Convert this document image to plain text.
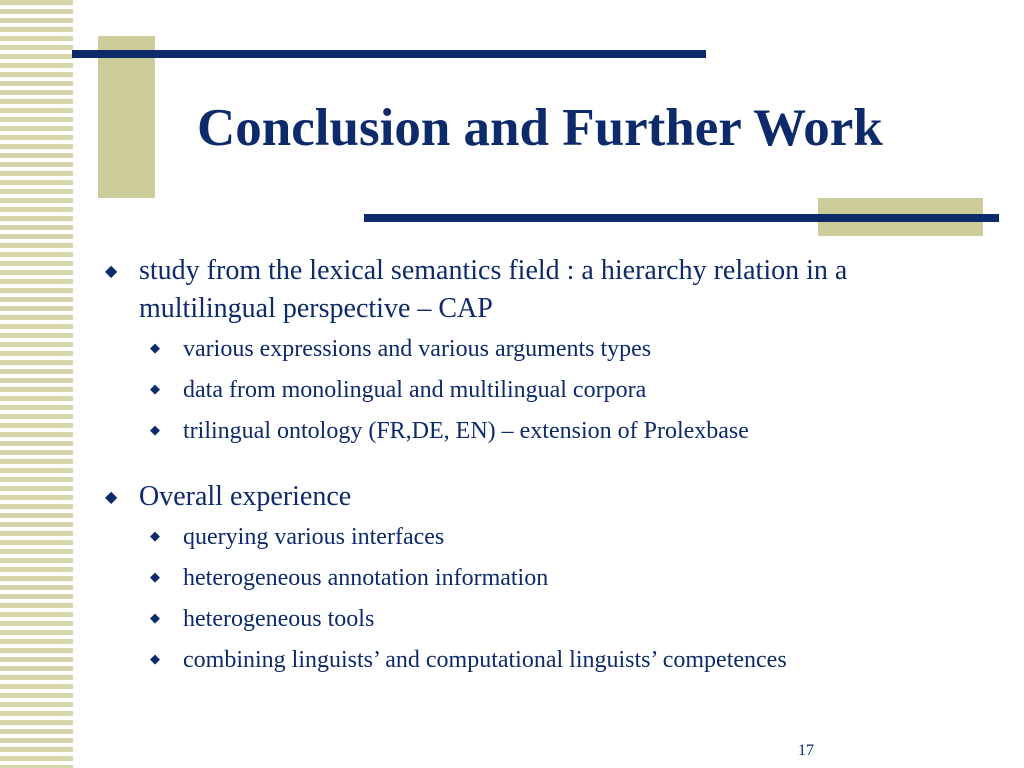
Conclusion and Further Work
◆ study from the lexical semantics field : a hierarchy relation in a multilingual perspective – CAP
◆ various expressions and various arguments types
◆ data from monolingual and multilingual corpora
◆ trilingual ontology (FR,DE, EN) – extension of Prolexbase
◆ Overall experience
◆ querying various interfaces
◆ heterogeneous annotation information
◆ heterogeneous tools
◆ combining linguists’ and computational linguists’ competences
17
